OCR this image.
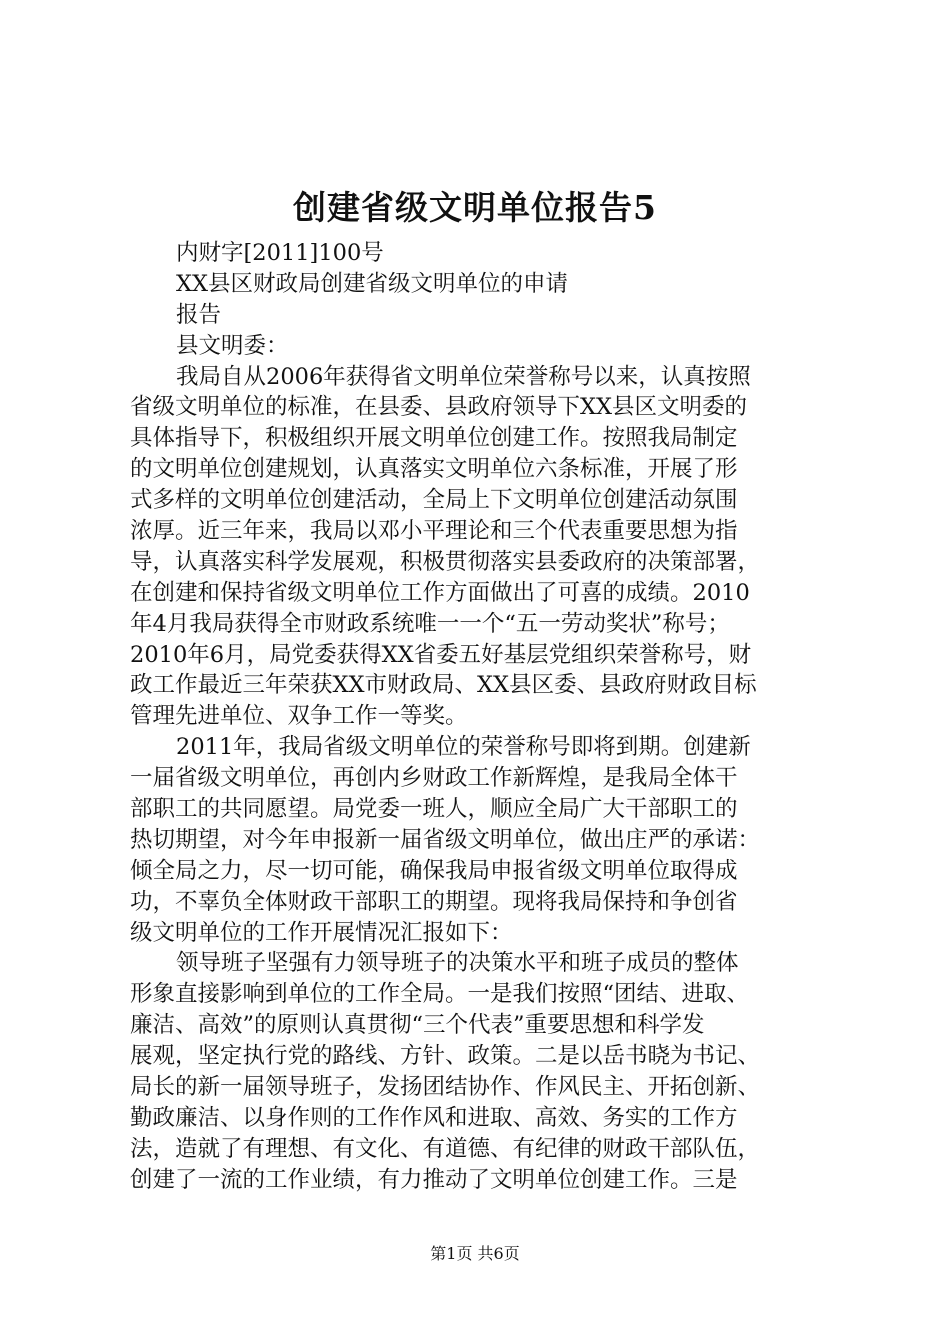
创建省级文明单位报告5
内财字[2011]100号
XX县区财政局创建省级文明单位的申请
报告
县文明委：
我局自从2006年获得省文明单位荣誉称号以来，认真按照
省级文明单位的标准，在县委、县政府领导下XX县区文明委的
具体指导下，积极组织开展文明单位创建工作。按照我局制定
的文明单位创建规划，认真落实文明单位六条标准，开展了形
式多样的文明单位创建活动，全局上下文明单位创建活动氛围
浓厚。近三年来，我局以邓小平理论和三个代表重要思想为指
导，认真落实科学发展观，积极贯彻落实县委政府的决策部署，
在创建和保持省级文明单位工作方面做出了可喜的成绩。2010
年4月我局获得全市财政系统唯一一个“五一劳动奖状”称号；
2010年6月，局党委获得XX省委五好基层党组织荣誉称号，财
政工作最近三年荣获XX市财政局、XX县区委、县政府财政目标
管理先进单位、双争工作一等奖。
2011年，我局省级文明单位的荣誉称号即将到期。创建新
一届省级文明单位，再创内乡财政工作新辉煌，是我局全体干
部职工的共同愿望。局党委一班人，顺应全局广大干部职工的
热切期望，对今年申报新一届省级文明单位，做出庄严的承诺：
倾全局之力，尽一切可能，确保我局申报省级文明单位取得成
功，不辜负全体财政干部职工的期望。现将我局保持和争创省
级文明单位的工作开展情况汇报如下：
领导班子坚强有力领导班子的决策水平和班子成员的整体
形象直接影响到单位的工作全局。一是我们按照“团结、进取、
廉洁、高效”的原则认真贯彻“三个代表”重要思想和科学发
展观，坚定执行党的路线、方针、政策。二是以岳书晓为书记、
局长的新一届领导班子，发扬团结协作、作风民主、开拓创新、
勤政廉洁、以身作则的工作作风和进取、高效、务实的工作方
法，造就了有理想、有文化、有道德、有纪律的财政干部队伍，
创建了一流的工作业绩，有力推动了文明单位创建工作。三是
第1页 共6页
